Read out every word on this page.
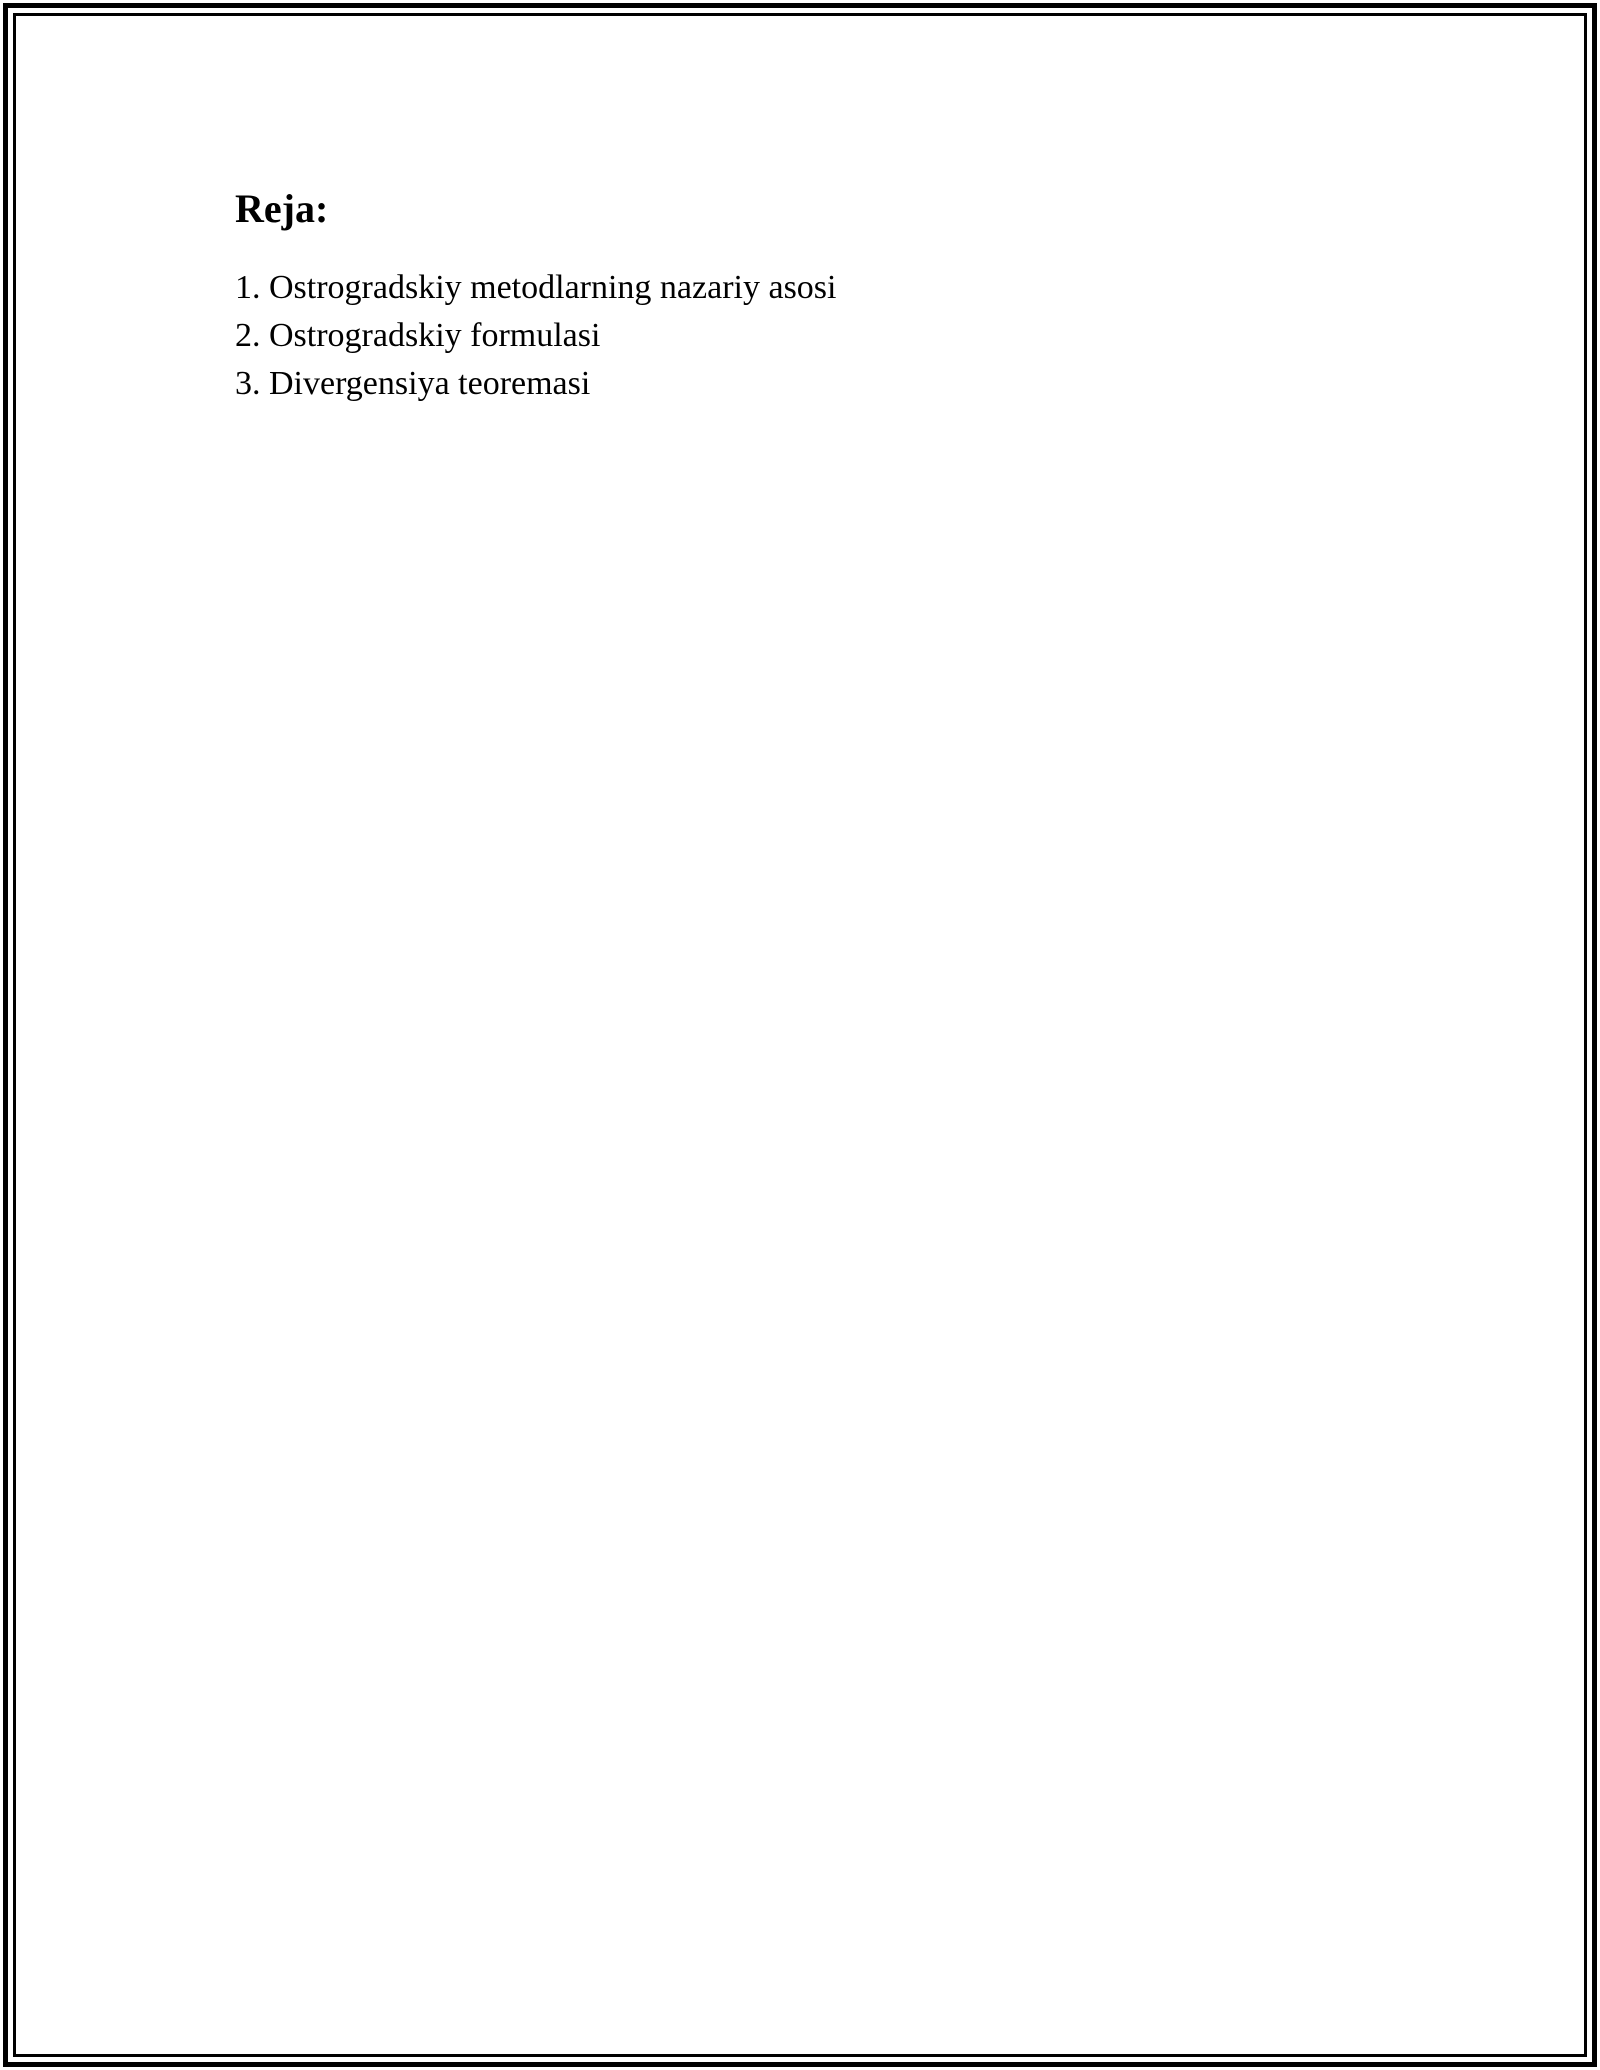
Reja:
1. Ostrogradskiy metodlarning nazariy asosi
2. Ostrogradskiy formulasi
3. Divergensiya teoremasi
